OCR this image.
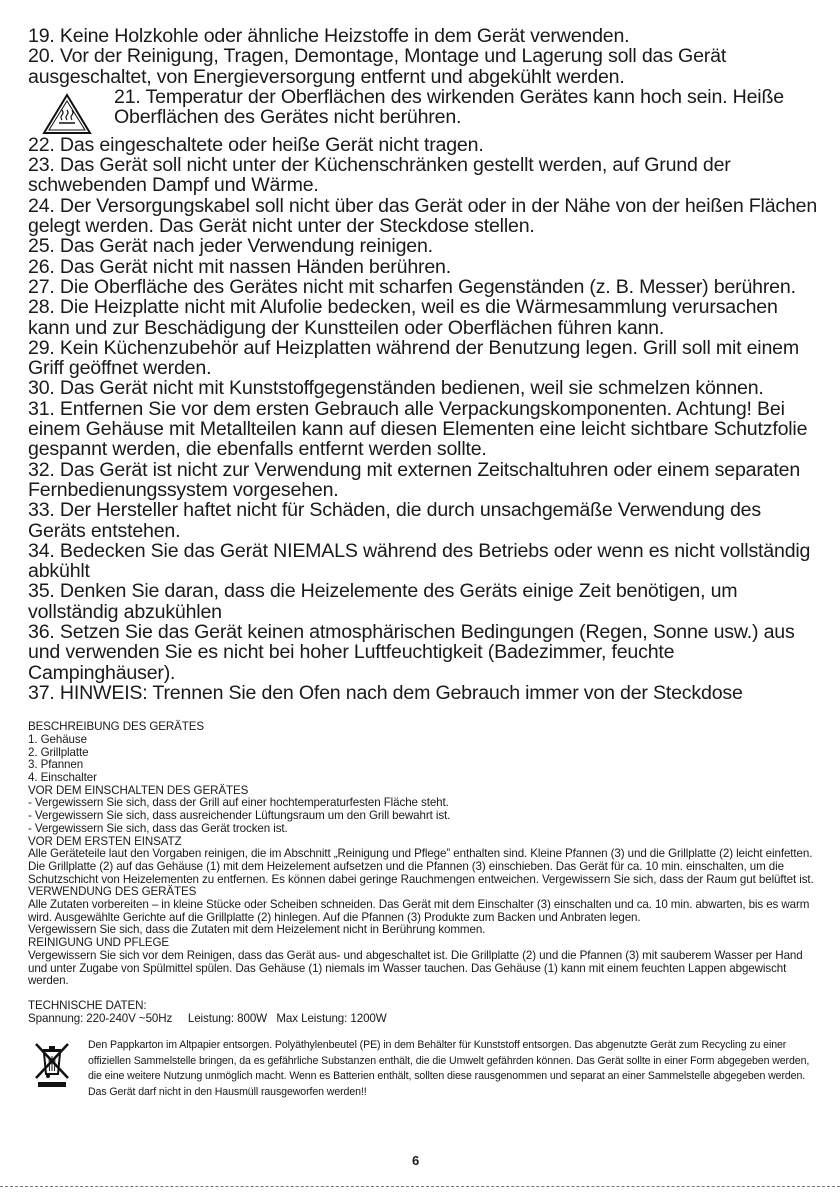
19. Keine Holzkohle oder ähnliche Heizstoffe in dem Gerät verwenden.

20. Vor der Reinigung, Tragen, Demontage, Montage und Lagerung soll das Gerät ausgeschaltet, von Energieversorgung entfernt und abgekühlt werden.

21. Temperatur der Oberflächen des wirkenden Gerätes kann hoch sein. Heiße Oberflächen des Gerätes nicht berühren.

22. Das eingeschaltete oder heiße Gerät nicht tragen.

23. Das Gerät soll nicht unter der Küchenschränken gestellt werden, auf Grund der schwebenden Dampf und Wärme.

24. Der Versorgungskabel soll nicht über das Gerät oder in der Nähe von der heißen Flächen gelegt werden. Das Gerät nicht unter der Steckdose stellen.

25. Das Gerät nach jeder Verwendung reinigen.

26. Das Gerät nicht mit nassen Händen berühren.

27. Die Oberfläche des Gerätes nicht mit scharfen Gegenständen (z. B. Messer) berühren.

28. Die Heizplatte nicht mit Alufolie bedecken, weil es die Wärmesammlung verursachen kann und zur Beschädigung der Kunstteilen oder Oberflächen führen kann.

29. Kein Küchenzubehör auf Heizplatten während der Benutzung legen. Grill soll mit einem Griff geöffnet werden.

30. Das Gerät nicht mit Kunststoffgegenständen bedienen, weil sie schmelzen können.

31. Entfernen Sie vor dem ersten Gebrauch alle Verpackungskomponenten. Achtung! Bei einem Gehäuse mit Metallteilen kann auf diesen Elementen eine leicht sichtbare Schutzfolie gespannt werden, die ebenfalls entfernt werden sollte.

32. Das Gerät ist nicht zur Verwendung mit externen Zeitschaltuhren oder einem separaten Fernbedienungssystem vorgesehen.

33. Der Hersteller haftet nicht für Schäden, die durch unsachgemäße Verwendung des Geräts entstehen.

34. Bedecken Sie das Gerät NIEMALS während des Betriebs oder wenn es nicht vollständig abkühlt

35. Denken Sie daran, dass die Heizelemente des Geräts einige Zeit benötigen, um vollständig abzukühlen

36. Setzen Sie das Gerät keinen atmosphärischen Bedingungen (Regen, Sonne usw.) aus und verwenden Sie es nicht bei hoher Luftfeuchtigkeit (Badezimmer, feuchte Campinghäuser).

37. HINWEIS: Trennen Sie den Ofen nach dem Gebrauch immer von der Steckdose

BESCHREIBUNG DES GERÄTES

1. Gehäuse

2. Grillplatte

3. Pfannen

4. Einschalter

VOR DEM EINSCHALTEN DES GERÄTES

- Vergewissern Sie sich, dass der Grill auf einer hochtemperaturfesten Fläche steht.

- Vergewissern Sie sich, dass ausreichender Lüftungsraum um den Grill bewahrt ist.

- Vergewissern Sie sich, dass das Gerät trocken ist.

VOR DEM ERSTEN EINSATZ

Alle Geräteteile laut den Vorgaben reinigen, die im Abschnitt „Reinigung und Pflege” enthalten sind. Kleine Pfannen (3) und die Grillplatte (2) leicht einfetten. Die Grillplatte (2) auf das Gehäuse (1) mit dem Heizelement aufsetzen und die Pfannen (3) einschieben. Das Gerät für ca. 10 min. einschalten, um die Schutzschicht von Heizelementen zu entfernen. Es können dabei geringe Rauchmengen entweichen. Vergewissern Sie sich, dass der Raum gut belüftet ist.

VERWENDUNG DES GERÄTES

Alle Zutaten vorbereiten – in kleine Stücke oder Scheiben schneiden. Das Gerät mit dem Einschalter (3) einschalten und ca. 10 min. abwarten, bis es warm wird. Ausgewählte Gerichte auf die Grillplatte (2) hinlegen. Auf die Pfannen (3) Produkte zum Backen und Anbraten legen.

Vergewissern Sie sich, dass die Zutaten mit dem Heizelement nicht in Berührung kommen.

REINIGUNG UND PFLEGE

Vergewissern Sie sich vor dem Reinigen, dass das Gerät aus- und abgeschaltet ist. Die Grillplatte (2) und die Pfannen (3) mit sauberem Wasser per Hand und unter Zugabe von Spülmittel spülen. Das Gehäuse (1) niemals im Wasser tauchen. Das Gehäuse (1) kann mit einem feuchten Lappen abgewischt werden.

TECHNISCHE DATEN:

Spannung: 220-240V ~50Hz     Leistung: 800W   Max Leistung: 1200W

Den Pappkarton im Altpapier entsorgen. Polyäthylenbeutel (PE) in dem Behälter für Kunststoff entsorgen. Das abgenutzte Gerät zum Recycling zu einer offiziellen Sammelstelle bringen, da es gefährliche Substanzen enthält, die die Umwelt gefährden können. Das Gerät sollte in einer Form abgegeben werden, die eine weitere Nutzung unmöglich macht. Wenn es Batterien enthält, sollten diese rausgenommen und separat an einer Sammelstelle abgegeben werden. Das Gerät darf nicht in den Hausmüll rausgeworfen werden!!
6
